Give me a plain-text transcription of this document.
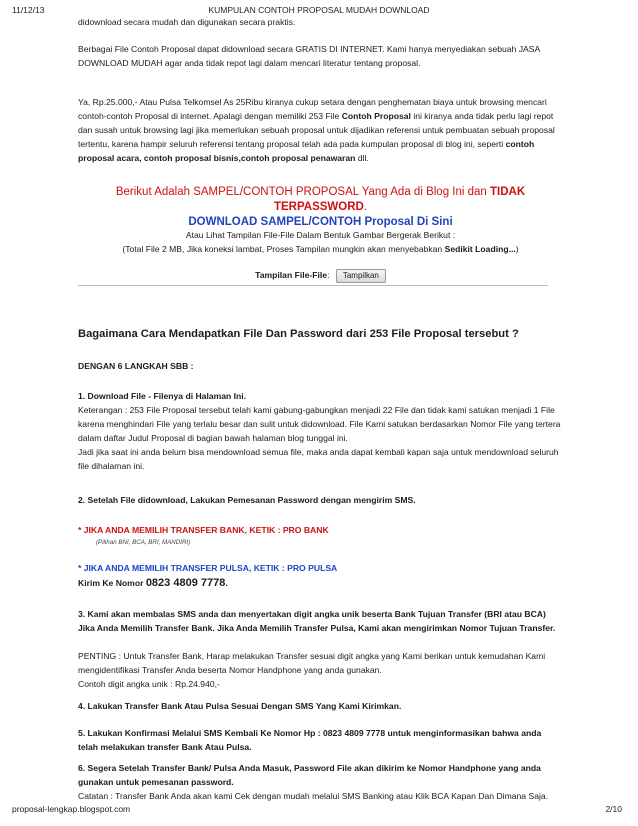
11/12/13	KUMPULAN CONTOH PROPOSAL MUDAH DOWNLOAD

didownload secara mudah dan digunakan secara praktis.

Berbagai File Contoh Proposal dapat didownload secara GRATIS DI INTERNET. Kami hanya menyediakan sebuah JASA DOWNLOAD MUDAH agar anda tidak repot lagi dalam mencari literatur tentang proposal.

Ya, Rp.25.000,- Atau Pulsa Telkomsel As 25Ribu kiranya cukup setara dengan penghematan biaya untuk browsing mencari contoh-contoh Proposal di internet. Apalagi dengan memiliki 253 File Contoh Proposal ini kiranya anda tidak perlu lagi repot dan susah untuk browsing lagi jika memerlukan sebuah proposal untuk dijadikan referensi untuk pembuatan sebuah proposal tertentu, karena hampir seluruh referensi tentang proposal telah ada pada kumpulan proposal di blog ini, seperti contoh proposal acara, contoh proposal bisnis,contoh proposal penawaran dll.

Berikut Adalah SAMPEL/CONTOH PROPOSAL Yang Ada di Blog Ini dan TIDAK TERPASSWORD.
DOWNLOAD SAMPEL/CONTOH Proposal Di Sini
Atau Lihat Tampilan File-File Dalam Bentuk Gambar Bergerak Berikut :
(Total File 2 MB, Jika koneksi lambat, Proses Tampilan mungkin akan menyebabkan Sedikit Loading...)
Tampilan File-File: Tampilkan

Bagaimana Cara Mendapatkan File Dan Password dari 253 File Proposal tersebut ?

DENGAN 6 LANGKAH SBB :

1. Download File - Filenya di Halaman Ini.

Keterangan : 253 File Proposal tersebut telah kami gabung-gabungkan menjadi 22 File dan tidak kami satukan menjadi 1 File karena menghindari File yang terlalu besar dan sulit untuk didownload. File Kami satukan berdasarkan Nomor File yang tertera dalam daftar Judul Proposal di bagian bawah halaman blog tunggal ini.

Jadi jika saat ini anda belum bisa mendownload semua file, maka anda dapat kembali kapan saja untuk mendownload seluruh file dihalaman ini.

2. Setelah File didownload, Lakukan Pemesanan Password dengan mengirim SMS.

* JIKA ANDA MEMILIH TRANSFER BANK, KETIK : PRO BANK

(Pilihan BNI, BCA, BRI, MANDIRI)

* JIKA ANDA MEMILIH TRANSFER PULSA, KETIK : PRO PULSA

Kirim Ke Nomor 0823 4809 7778.

3. Kami akan membalas SMS anda dan menyertakan digit angka unik beserta Bank Tujuan Transfer (BRI atau BCA) Jika Anda Memilih Transfer Bank. Jika Anda Memilih Transfer Pulsa, Kami akan mengirimkan Nomor Tujuan Transfer.

PENTING : Untuk Transfer Bank, Harap melakukan Transfer sesuai digit angka yang Kami berikan untuk kemudahan Kami mengidentifikasi Transfer Anda beserta Nomor Handphone yang anda gunakan.

Contoh digit angka unik : Rp.24.940,-

4. Lakukan Transfer Bank Atau Pulsa Sesuai Dengan SMS Yang Kami Kirimkan.

5. Lakukan Konfirmasi Melalui SMS Kembali Ke Nomor Hp : 0823 4809 7778 untuk menginformasikan bahwa anda telah melakukan transfer Bank Atau Pulsa.

6. Segera Setelah Transfer Bank/ Pulsa Anda Masuk, Password File akan dikirim ke Nomor Handphone yang anda gunakan untuk pemesanan password.

Catatan : Transfer Bank Anda akan kami Cek dengan mudah melalui SMS Banking atau Klik BCA Kapan Dan Dimana Saja.

proposal-lengkap.blogspot.com	2/10
